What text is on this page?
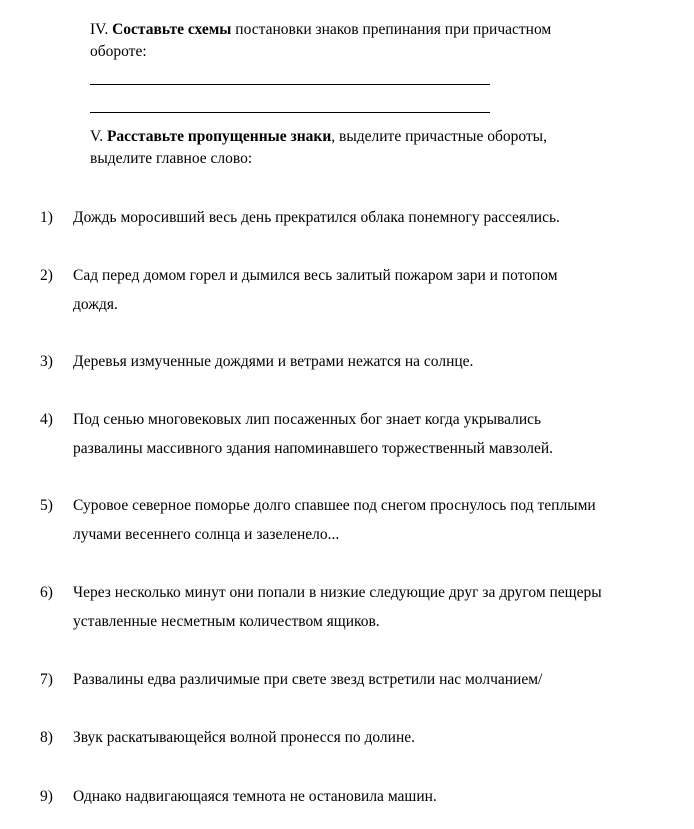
IV. Составьте схемы постановки знаков препинания при причастном
обороте:
V. Расставьте пропущенные знаки, выделите причастные обороты,
выделите главное слово:
1)	Дождь моросивший весь день прекратился облака понемногу рассеялись.
2)	Сад перед домом горел и дымился весь залитый пожаром зари и потопом
дождя.
3)	Деревья измученные дождями и ветрами нежатся на солнце.
4)	Под сенью многовековых лип посаженных бог знает когда укрывались
развалины массивного здания напоминавшего торжественный мавзолей.
5)	Суровое северное поморье долго спавшее под снегом проснулось под теплыми
лучами весеннего солнца и зазеленело...
6)	Через несколько минут они попали в низкие следующие друг за другом пещеры
уставленные несметным количеством ящиков.
7)	Развалины едва различимые при свете звезд встретили нас молчанием/
8)	Звук раскатывающейся волной пронесся по долине.
9)	Однако надвигающаяся темнота не остановила машин.
